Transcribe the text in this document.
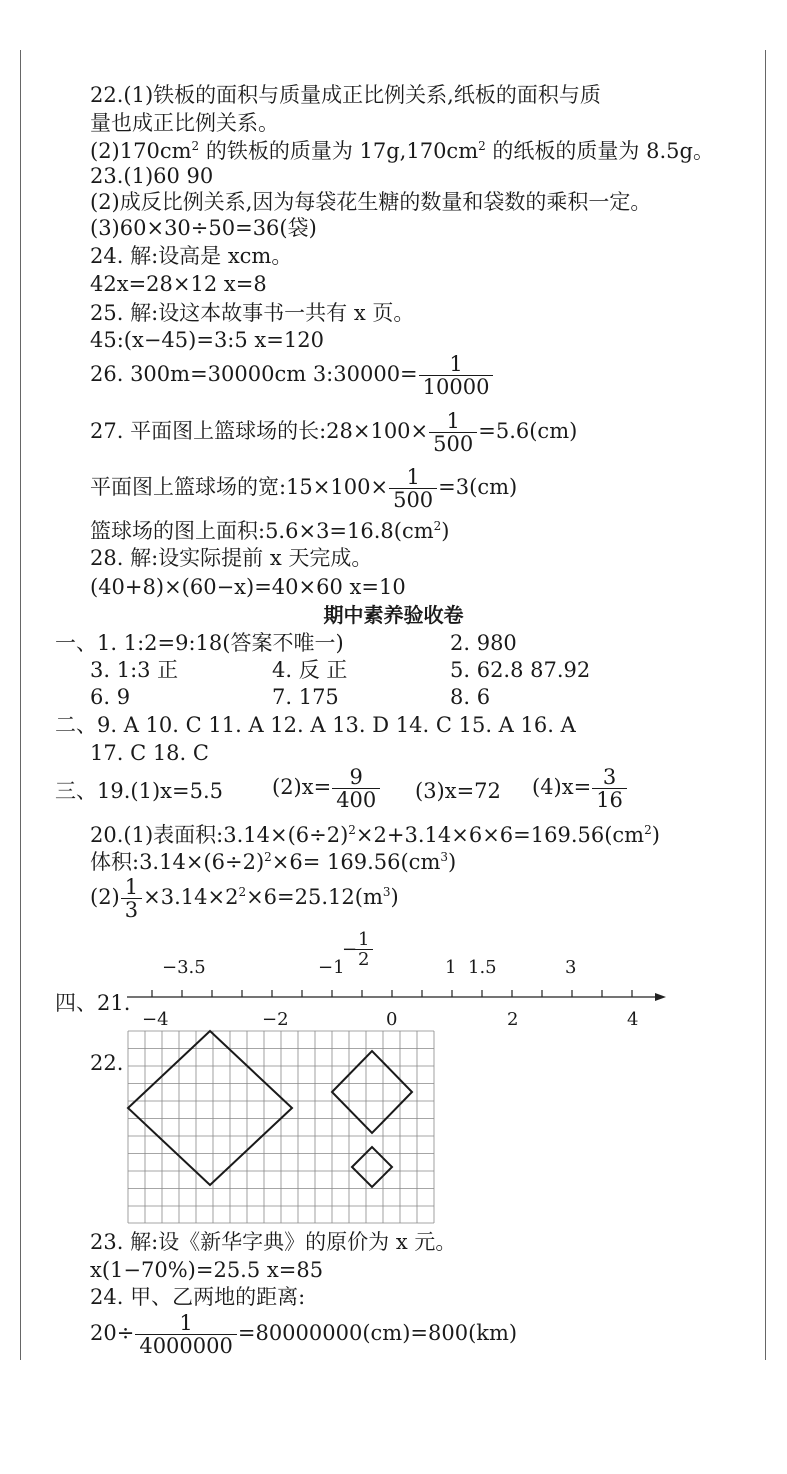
22.(1)铁板的面积与质量成正比例关系,纸板的面积与质
量也成正比例关系。
$(2)170cm^2$ 的铁板的质量为 $17g,170cm^2$ 的纸板的质量为 8.5g。
23.(1)60 90
(2)成反比例关系,因为每袋花生糖的数量和袋数的乘积一定。
(3)60×30÷50=36(袋)
24. 解:设高是 xcm。
42x=28×12 x=8
25. 解:设这本故事书一共有 x 页。
45:(x−45)=3:5 x=120
26. 300m=30000cm 3:30000= $\frac{1}{10000}$
27. 平面图上篮球场的长:28×100× $\frac{1}{500} =5.6(cm)$
平面图上篮球场的宽:15×100× $\frac{1}{500} =3(cm)$
篮球场的图上面积$:5.6\times 3=16.8(cm^2)$
28. 解:设实际提前 x 天完成。
(40+8)×(60−x)=40×60 x=10
期中素养验收卷
一、1. 1:2=9:18(答案不唯一)	2. 980
3. 1:3 正	4. 反 正	5. 62.8 87.92
6. 9	7. 175	8. 6
二、9. A 10. C 11. A 12. A 13. D 14. C 15. A 16. A
17. C 18. C
三、19.(1)x=5.5 $(2)x= \frac{9}{400} (3)x=72$ $(4)x= \frac{3}{16}$
20.(1)表面积$:3.14\times(6\div 2)^2\times 2+3.14\times 6\times 6=169.56(cm^2)$
体积$:3.14\times(6\div 2)^2\times 6= 169.56(cm^3)$
$(2) \frac{1}{3} \times 3.14\times 2^2\times 6=25.12(m^3)$
四、21.
−3.5	−1
−
$\frac{1}{2}$	1 1.5	3
−4	−2	0	2	4
22.
23. 解:设《新华字典》的原价为 x 元。
x(1−70%)=25.5 x=85
24. 甲、乙两地的距离:
$20\div \frac{1}{4000000} =80000000(cm)=800(km)$
